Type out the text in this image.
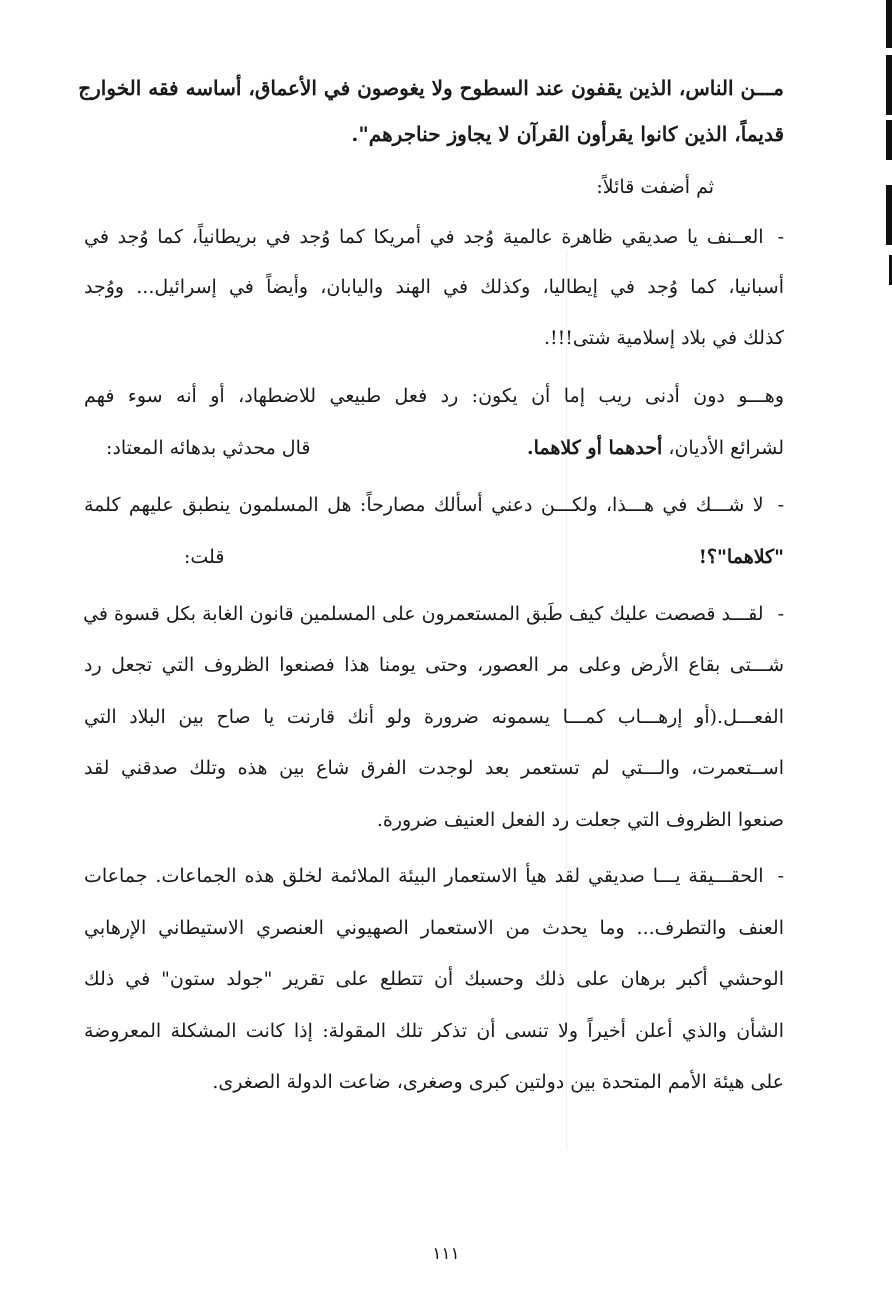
مـــن الناس، الذين يقفون عند السطوح ولا يغوصون في الأعماق، أساسه فقه الخوارج
قديماً، الذين كانوا يقرأون القرآن لا يجاوز حناجرهم".
ثم أضفت قائلاً:
-العــنف يا صديقي ظاهرة عالمية وُجد في أمريكا كما وُجد في بريطانياً، كما وُجد في
أسبانيا، كما وُجد في إيطاليا، وكذلك في الهند واليابان، وأيضاً في إسرائيل... ووُجد
كذلك في بلاد إسلامية شتى!!!.
وهـــو دون أدنى ريب إما أن يكون: رد فعل طبيعي للاضطهاد، أو أنه سوء فهم
لشرائع الأديان، أحدهما أو كلاهما.
قال محدثي بدهائه المعتاد:
-لا شـــك في هـــذا، ولكـــن دعني أسألك مصارحاً: هل المسلمون ينطبق عليهم كلمة
"كلاهما"؟!
قلت:
-لقـــد قصصت عليك كيف طَبق المستعمرون على المسلمين قانون الغابة بكل قسوة في
شـــتى بقاع الأرض وعلى مر العصور، وحتى يومنا هذا فصنعوا الظروف التي تجعل رد
الفعـــل.(أو إرهـــاب كمـــا يسمونه ضرورة ولو أنك قارنت يا صاح بين البلاد التي
اســتعمرت، والـــتي لم تستعمر بعد لوجدت الفرق شاع بين هذه وتلك صدقني لقد
صنعوا الظروف التي جعلت رد الفعل العنيف ضرورة.
-الحقـــيقة يـــا صديقي لقد هيأ الاستعمار البيئة الملائمة لخلق هذه الجماعات. جماعات
العنف والتطرف... وما يحدث من الاستعمار الصهيوني العنصري الاستيطاني الإرهابي
الوحشي أكبر برهان على ذلك وحسبك أن تتطلع على تقرير "جولد ستون" في ذلك
الشأن والذي أعلن أخيراً ولا تنسى أن تذكر تلك المقولة: إذا كانت المشكلة المعروضة
على هيئة الأمم المتحدة بين دولتين كبرى وصغرى، ضاعت الدولة الصغرى.
١١١
